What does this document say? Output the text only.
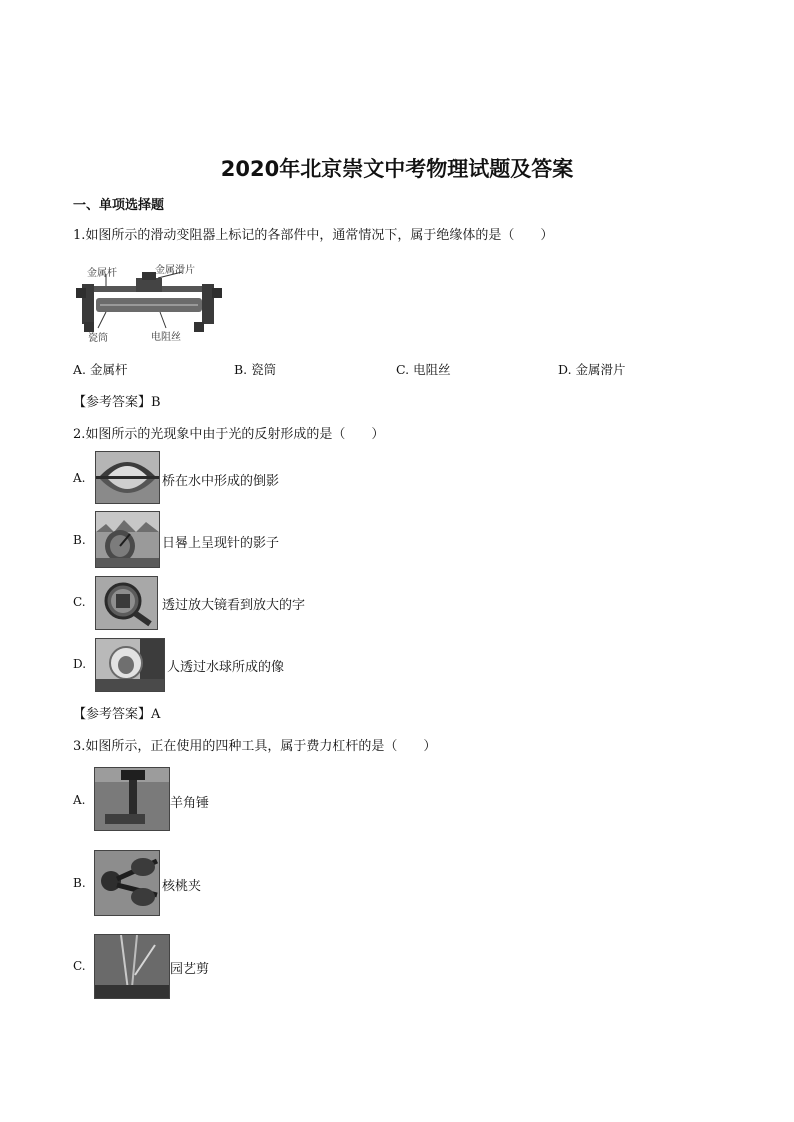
2020年北京崇文中考物理试题及答案
一、单项选择题
1.如图所示的滑动变阻器上标记的各部件中，通常情况下，属于绝缘体的是（　　）
金属杆	金属滑片
瓷筒	电阻丝
A. 金属杆	B. 瓷筒	C. 电阻丝	D. 金属滑片
【参考答案】B
2.如图所示的光现象中由于光的反射形成的是（　　）
A.	桥在水中形成的倒影
B.	日晷上呈现针的影子
C.	透过放大镜看到放大的字
D.	人透过水球所成的像
【参考答案】A
3.如图所示，正在使用的四种工具，属于费力杠杆的是（　　）
A.	羊角锤
B.	核桃夹
C.	园艺剪
